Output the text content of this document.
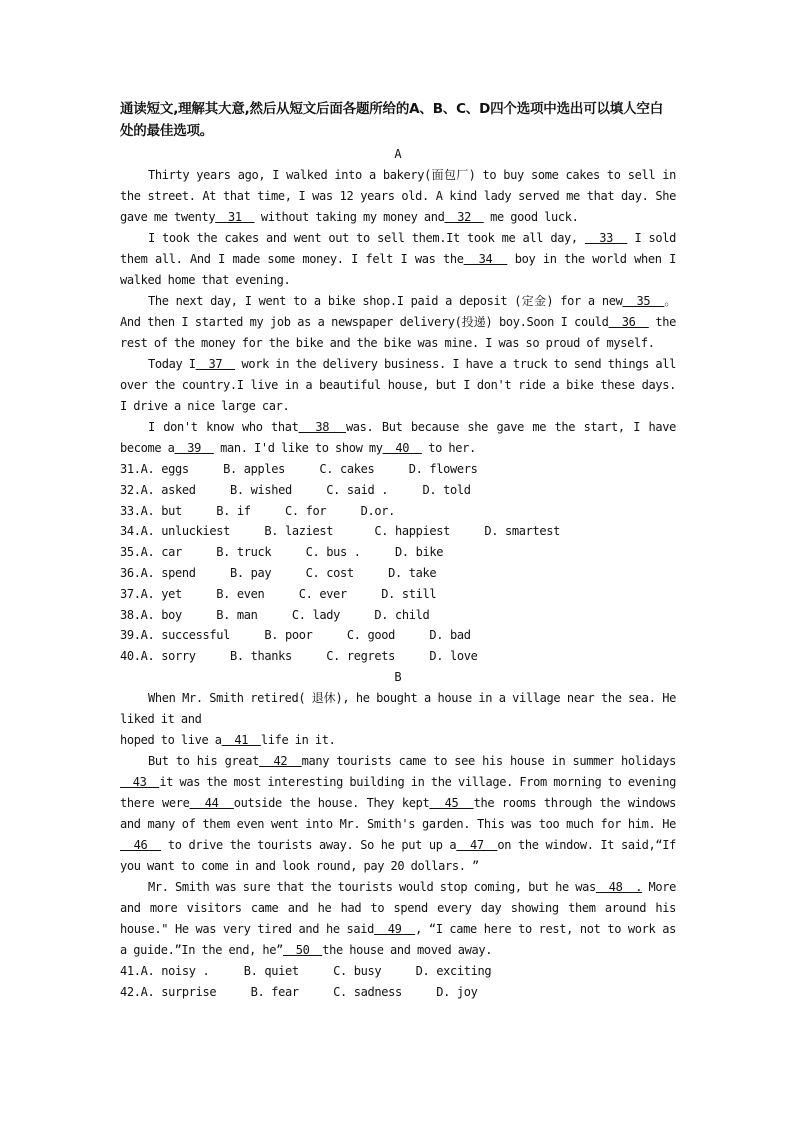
通读短文,理解其大意,然后从短文后面各题所给的A、B、C、D四个选项中选出可以填人空白处的最佳选项。

A

Thirty years ago, I walked into a bakery(面包厂) to buy some cakes to sell in the street. At that time, I was 12 years old. A kind lady served me that day. She gave me twenty  31   without taking my money and  32   me good luck.

I took the cakes and went out to sell them.It took me all day,   33   I sold them all. And I made some money. I felt I was the  34   boy in the world when I walked home that evening.

The next day, I went to a bike shop.I paid a deposit (定金) for a new  35  。 And then I started my job as a newspaper delivery(投递) boy.Soon I could  36   the rest of the money for the bike and the bike was mine. I was so proud of myself.

Today I  37   work in the delivery business. I have a truck to send things all over the country.I live in a beautiful house, but I don't ride a bike these days. I drive a nice large car.

I don't know who that  38  was. But because she gave me the start, I have become a  39   man. I'd like to show my  40   to her.

31.A. eggs     B. apples     C. cakes     D. flowers

32.A. asked     B. wished     C. said .     D. told

33.A. but     B. if     C. for     D.or.

34.A. unluckiest     B. laziest      C. happiest     D. smartest

35.A. car     B. truck     C. bus .     D. bike

36.A. spend     B. pay     C. cost     D. take

37.A. yet     B. even     C. ever     D. still

38.A. boy     B. man     C. lady     D. child

39.A. successful     B. poor     C. good     D. bad

40.A. sorry     B. thanks     C. regrets     D. love

B

When Mr. Smith retired( 退休), he bought a house in a village near the sea. He liked it and

hoped to live a  41  life in it.

But to his great  42  many tourists came to see his house in summer holidays  43  it was the most interesting building in the village. From morning to evening there were  44  outside the house. They kept  45  the rooms through the windows and many of them even went into Mr. Smith's garden. This was too much for him. He  46   to drive the tourists away. So he put up a  47  on the window. It said,“If you want to come in and look round, pay 20 dollars. ”

Mr. Smith was sure that the tourists would stop coming, but he was  48  . More and more visitors came and he had to spend every day showing them around his house." He was very tired and he said  49  , “I came here to rest, not to work as a guide.”In the end, he”  50  the house and moved away.

41.A. noisy .     B. quiet     C. busy     D. exciting

42.A. surprise     B. fear     C. sadness     D. joy
